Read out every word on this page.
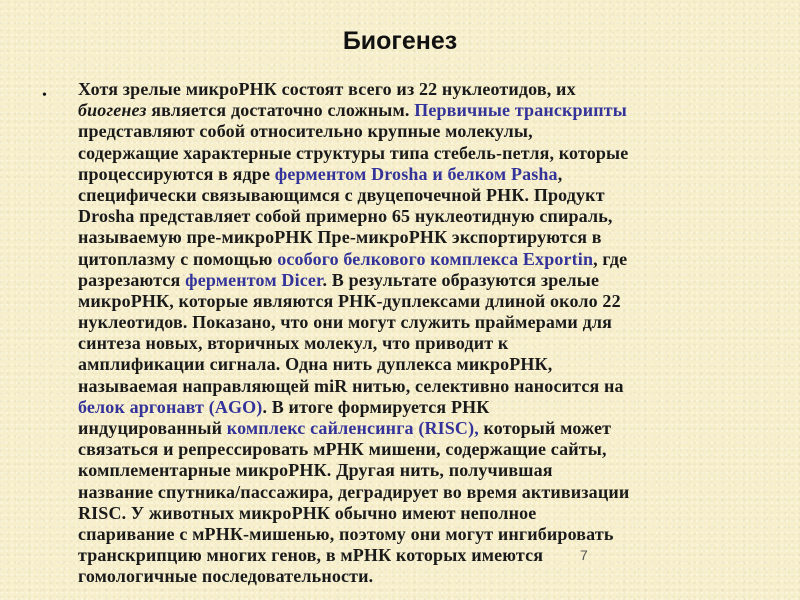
Биогенез
• Хотя зрелые микроРНК состоят всего из 22 нуклеотидов, их
биогенез является достаточно сложным. Первичные транскрипты
представляют собой относительно крупные молекулы,
содержащие характерные структуры типа стебель-петля, которые
процессируются в ядре ферментом Drosha и белком Pasha,
специфически связывающимся с двуцепочечной РНК. Продукт
Drosha представляет собой примерно 65 нуклеотидную спираль,
называемую пре-микроРНК Пре-микроРНК экспортируются в
цитоплазму с помощью особого белкового комплекса Exportin, где
разрезаются ферментом Dicer. В результате образуются зрелые
микроРНК, которые являются РНК-дуплексами длиной около 22
нуклеотидов. Показано, что они могут служить праймерами для
синтеза новых, вторичных молекул, что приводит к
амплификации сигнала. Одна нить дуплекса микроРНК,
называемая направляющей miR нитью, селективно наносится на
белок аргонавт (AGO). В итоге формируется РНК
индуцированный комплекс сайленсинга (RISC), который может
связаться и репрессировать мРНК мишени, содержащие сайты,
комплементарные микроРНК. Другая нить, получившая
название спутника/пассажира, деградирует во время активизации
RISC. У животных микроРНК обычно имеют неполное
спаривание с мРНК-мишенью, поэтому они могут ингибировать
транскрипцию многих генов, в мРНК которых имеются
гомологичные последовательности.
7
